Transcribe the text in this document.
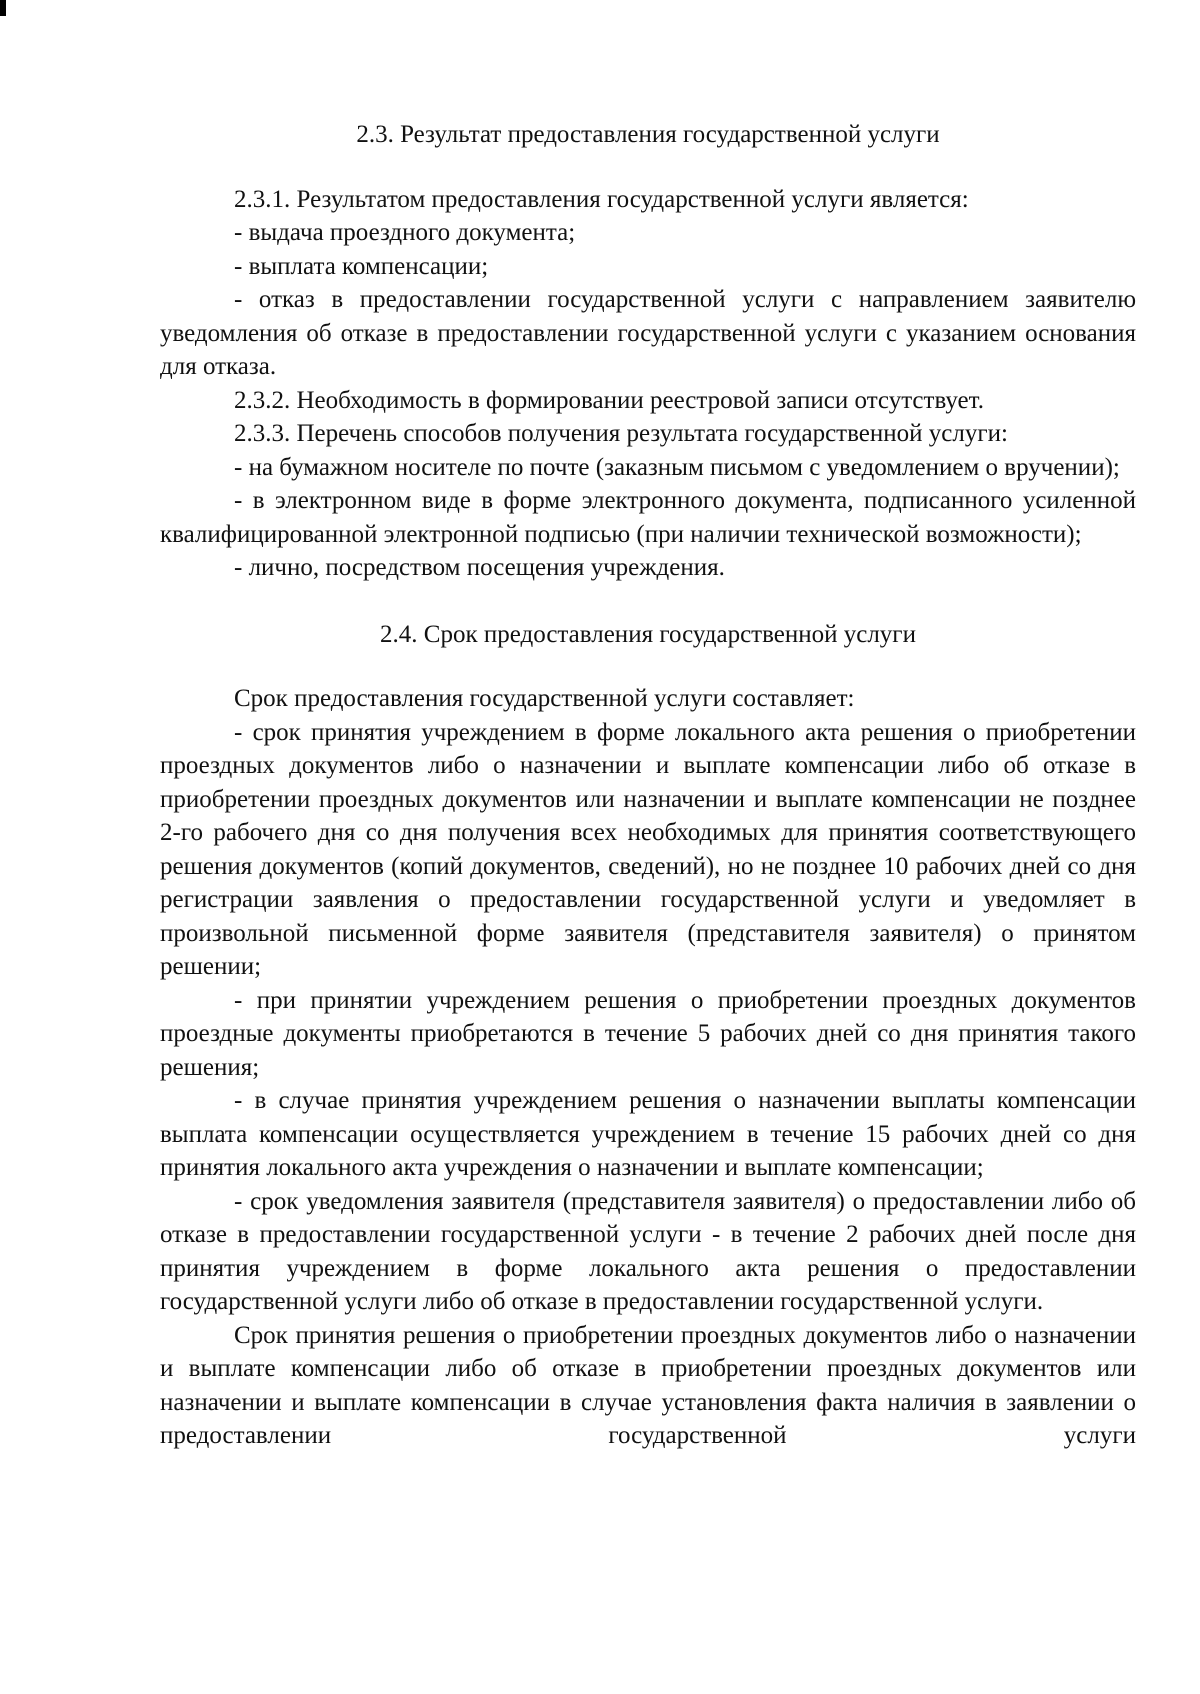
2.3. Результат предоставления государственной услуги

2.3.1. Результатом предоставления государственной услуги является:

- выдача проездного документа;

- выплата компенсации;

- отказ в предоставлении государственной услуги с направлением заявителю уведомления об отказе в предоставлении государственной услуги с указанием основания для отказа.

2.3.2. Необходимость в формировании реестровой записи отсутствует.

2.3.3. Перечень способов получения результата государственной услуги:

- на бумажном носителе по почте (заказным письмом с уведомлением о вручении);

- в электронном виде в форме электронного документа, подписанного усиленной квалифицированной электронной подписью (при наличии технической возможности);

- лично, посредством посещения учреждения.

2.4. Срок предоставления государственной услуги

Срок предоставления государственной услуги составляет:

- срок принятия учреждением в форме локального акта решения о приобретении проездных документов либо о назначении и выплате компенсации либо об отказе в приобретении проездных документов или назначении и выплате компенсации не позднее 2-го рабочего дня со дня получения всех необходимых для принятия соответствующего решения документов (копий документов, сведений), но не позднее 10 рабочих дней со дня регистрации заявления о предоставлении государственной услуги и уведомляет в произвольной письменной форме заявителя (представителя заявителя) о принятом решении;

- при принятии учреждением решения о приобретении проездных документов проездные документы приобретаются в течение 5 рабочих дней со дня принятия такого решения;

- в случае принятия учреждением решения о назначении выплаты компенсации выплата компенсации осуществляется учреждением в течение 15 рабочих дней со дня принятия локального акта учреждения о назначении и выплате компенсации;

- срок уведомления заявителя (представителя заявителя) о предоставлении либо об отказе в предоставлении государственной услуги - в течение 2 рабочих дней после дня принятия учреждением в форме локального акта решения о предоставлении государственной услуги либо об отказе в предоставлении государственной услуги.

Срок принятия решения о приобретении проездных документов либо о назначении и выплате компенсации либо об отказе в приобретении проездных документов или назначении и выплате компенсации в случае установления факта наличия в заявлении о предоставлении государственной услуги
